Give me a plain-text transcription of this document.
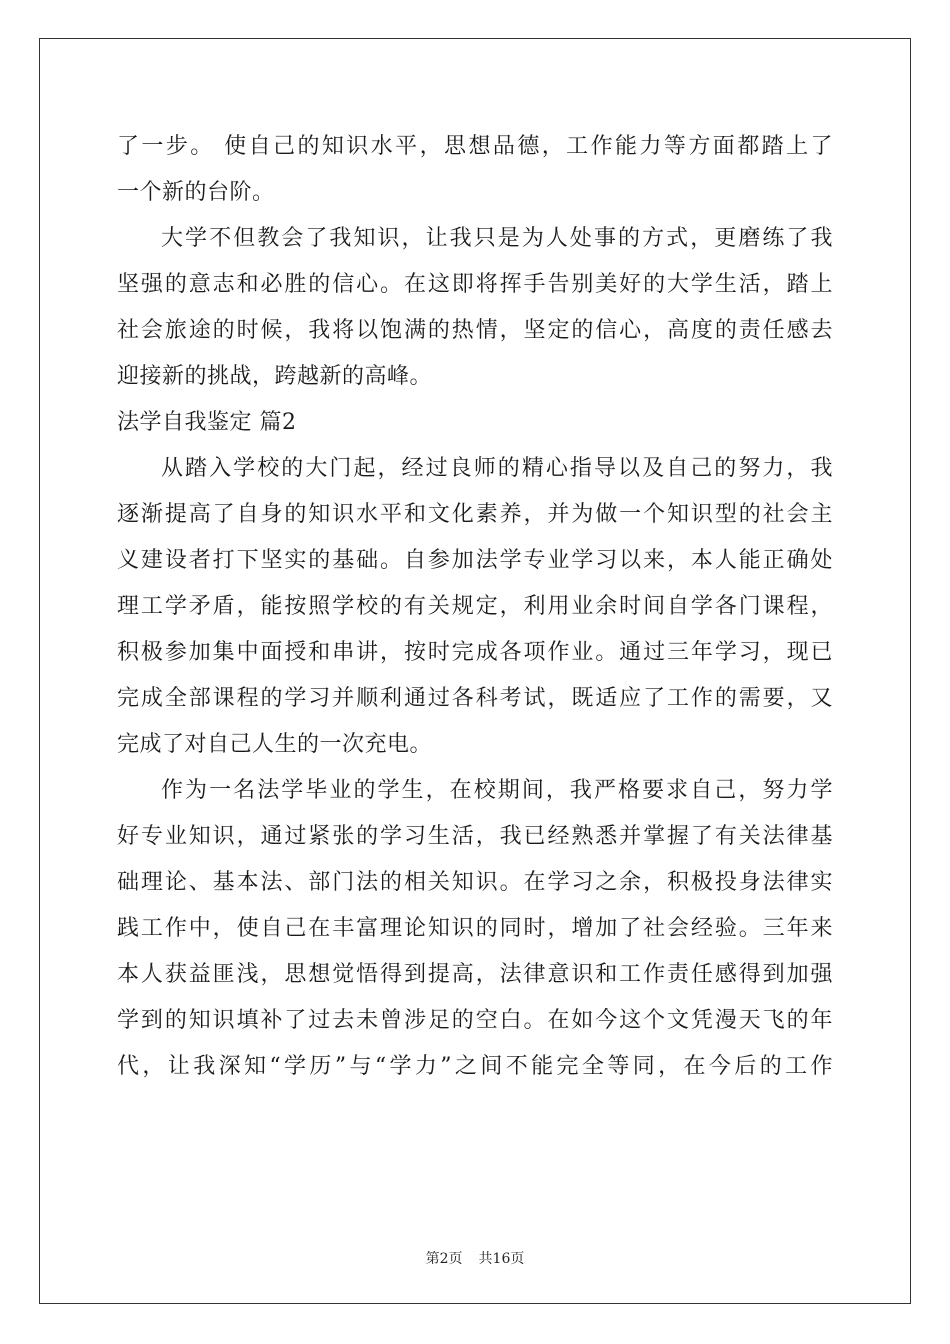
了一步。 使自己的知识水平，思想品德，工作能力等方面都踏上了
一个新的台阶。
大学不但教会了我知识，让我只是为人处事的方式，更磨练了我
坚强的意志和必胜的信心。在这即将挥手告别美好的大学生活，踏上
社会旅途的时候，我将以饱满的热情，坚定的信心，高度的责任感去
迎接新的挑战，跨越新的高峰。
法学自我鉴定 篇2
从踏入学校的大门起，经过良师的精心指导以及自己的努力，我
逐渐提高了自身的知识水平和文化素养，并为做一个知识型的社会主
义建设者打下坚实的基础。自参加法学专业学习以来，本人能正确处
理工学矛盾，能按照学校的有关规定，利用业余时间自学各门课程，
积极参加集中面授和串讲，按时完成各项作业。通过三年学习，现已
完成全部课程的学习并顺利通过各科考试，既适应了工作的需要，又
完成了对自己人生的一次充电。
作为一名法学毕业的学生，在校期间，我严格要求自己，努力学
好专业知识，通过紧张的学习生活，我已经熟悉并掌握了有关法律基
础理论、基本法、部门法的相关知识。在学习之余，积极投身法律实
践工作中，使自己在丰富理论知识的同时，增加了社会经验。三年来
本人获益匪浅，思想觉悟得到提高，法律意识和工作责任感得到加强
学到的知识填补了过去未曾涉足的空白。在如今这个文凭漫天飞的年
代，让我深知“学历”与“学力”之间不能完全等同，在今后的工作
第2页 共16页
